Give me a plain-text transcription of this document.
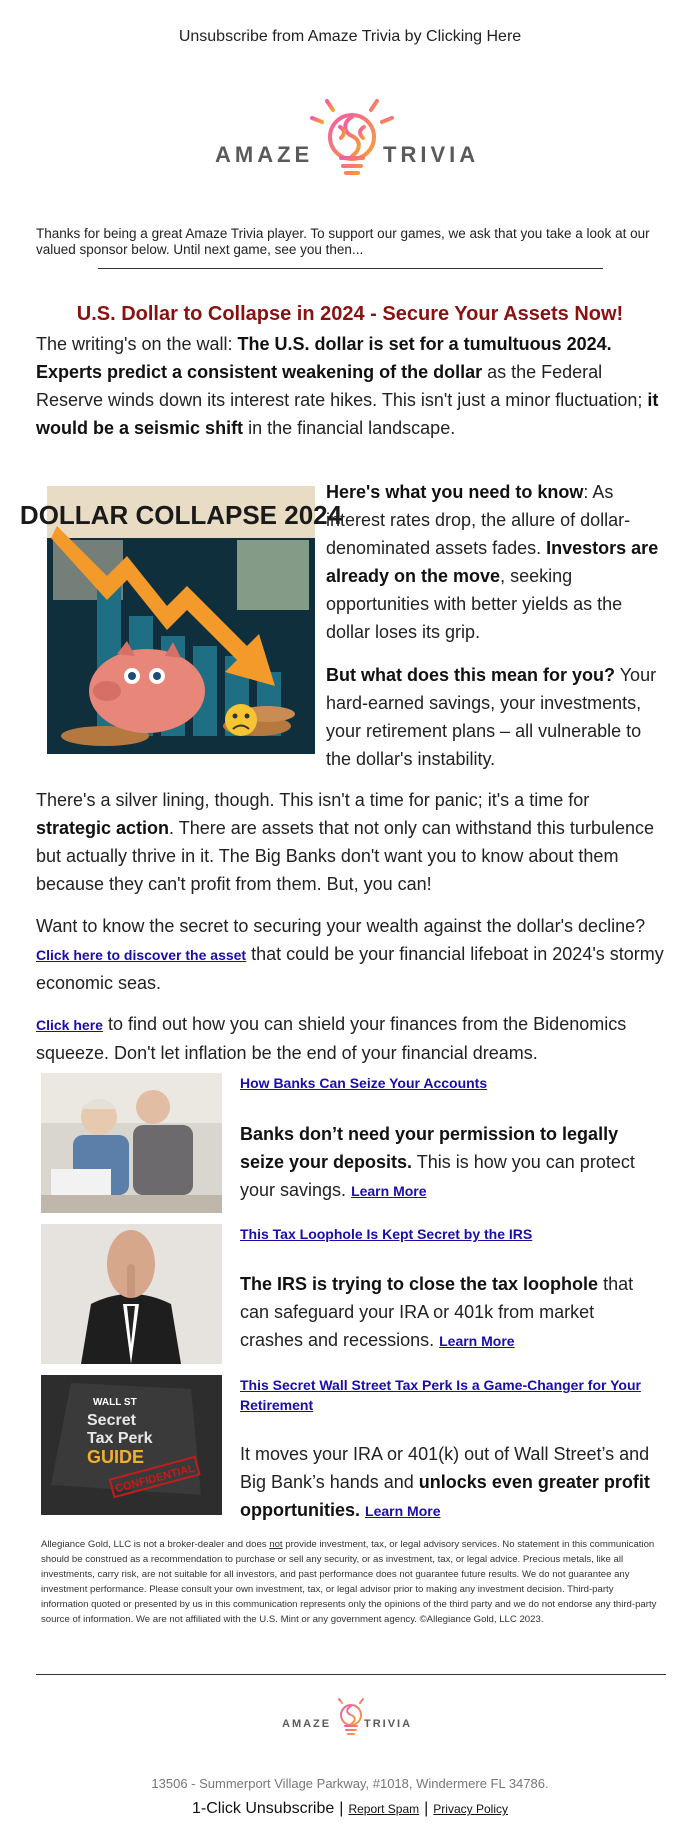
Unsubscribe from Amaze Trivia by Clicking Here
AMAZE	TRIVIA
Thanks for being a great Amaze Trivia player. To support our games, we ask that you take a look at our valued sponsor below. Until next game, see you then...
U.S. Dollar to Collapse in 2024 - Secure Your Assets Now!
The writing's on the wall: The U.S. dollar is set for a tumultuous 2024. Experts predict a consistent weakening of the dollar as the Federal Reserve winds down its interest rate hikes. This isn't just a minor fluctuation; it would be a seismic shift in the financial landscape.
DOLLAR COLLAPSE 2024
Here's what you need to know: As interest rates drop, the allure of dollar-denominated assets fades. Investors are already on the move, seeking opportunities with better yields as the dollar loses its grip.
But what does this mean for you? Your hard-earned savings, your investments, your retirement plans – all vulnerable to the dollar's instability.
There's a silver lining, though. This isn't a time for panic; it's a time for strategic action. There are assets that not only can withstand this turbulence but actually thrive in it. The Big Banks don't want you to know about them because they can't profit from them. But, you can!
Want to know the secret to securing your wealth against the dollar's decline? Click here to discover the asset that could be your financial lifeboat in 2024's stormy economic seas.
Click here to find out how you can shield your finances from the Bidenomics squeeze. Don't let inflation be the end of your financial dreams.
How Banks Can Seize Your Accounts
Banks don’t need your permission to legally seize your deposits. This is how you can protect your savings. Learn More
This Tax Loophole Is Kept Secret by the IRS
The IRS is trying to close the tax loophole that can safeguard your IRA or 401k from market crashes and recessions. Learn More
WALL ST
Secret
Tax Perk
GUIDE
CONFIDENTIAL
This Secret Wall Street Tax Perk Is a Game-Changer for Your Retirement
It moves your IRA or 401(k) out of Wall Street’s and Big Bank’s hands and unlocks even greater profit opportunities. Learn More
Allegiance Gold, LLC is not a broker-dealer and does not provide investment, tax, or legal advisory services. No statement in this communication should be construed as a recommendation to purchase or sell any security, or as investment, tax, or legal advice. Precious metals, like all investments, carry risk, are not suitable for all investors, and past performance does not guarantee future results. We do not guarantee any investment performance. Please consult your own investment, tax, or legal advisor prior to making any investment decision. Third-party information quoted or presented by us in this communication represents only the opinions of the third party and we do not endorse any third-party source of information. We are not affiliated with the U.S. Mint or any government agency. ©Allegiance Gold, LLC 2023.
AMAZE	TRIVIA
13506 - Summerport Village Parkway, #1018, Windermere FL 34786.
1-Click Unsubscribe | Report Spam | Privacy Policy
